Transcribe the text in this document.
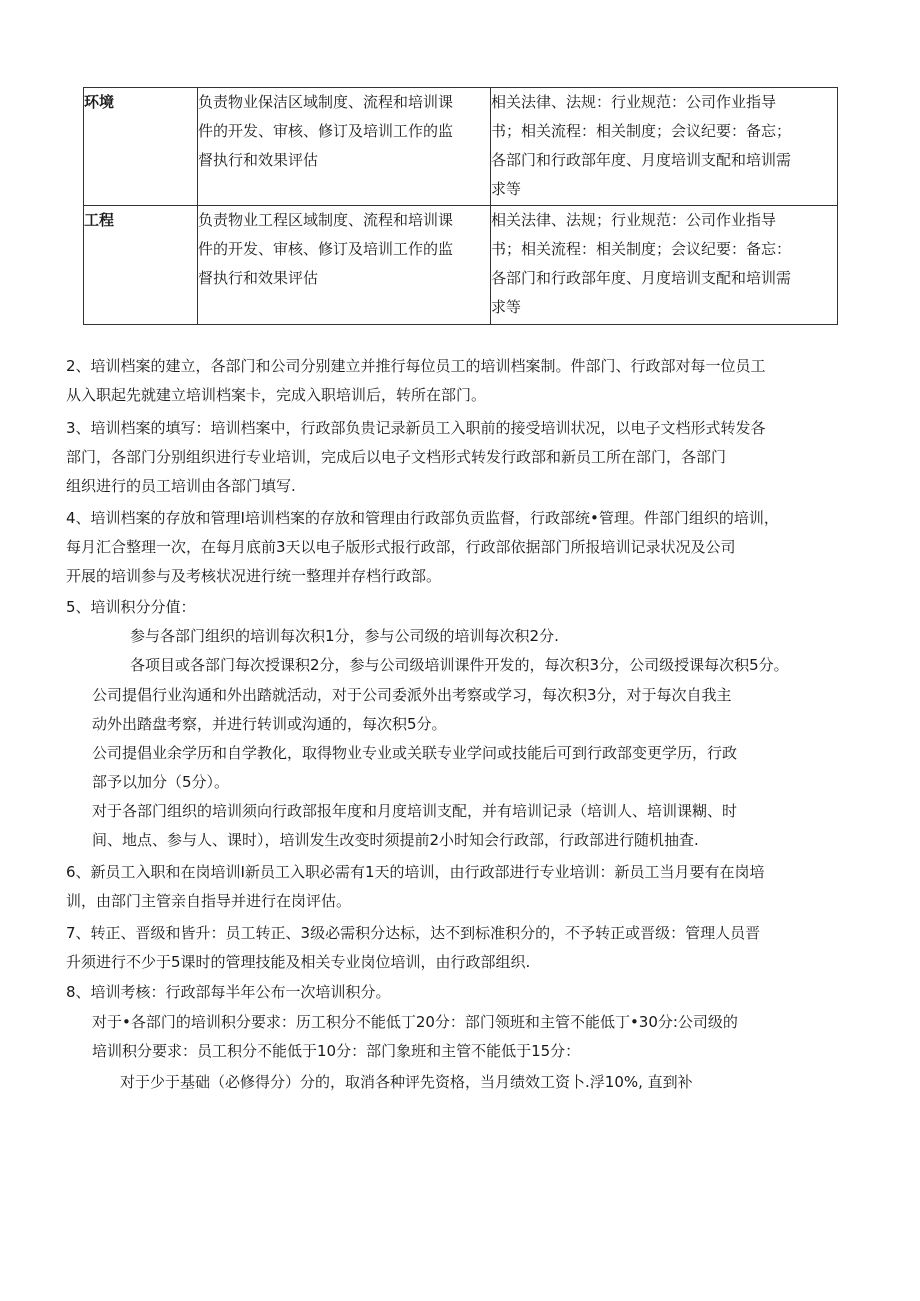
环境	负责物业保洁区域制度、流程和培训课
件的开发、审核、修订及培训工作的监
督执行和效果评估	相关法律、法规：行业规范：公司作业指导
书；相关流程：相关制度；会议纪要：备忘；
各部门和行政部年度、月度培训支配和培训需
求等
工程	负责物业工程区域制度、流程和培训课
件的开发、审核、修订及培训工作的监
督执行和效果评估	相关法律、法规；行业规范：公司作业指导
书；相关流程：相关制度；会议纪要：备忘：
各部门和行政部年度、月度培训支配和培训需
求等
2、培训档案的建立，各部门和公司分别建立并推行每位员工的培训档案制。件部门、行政部对每一位员工
从入职起先就建立培训档案卡，完成入职培训后，转所在部门。
3、培训档案的填写：培训档案中，行政部负贵记录新员工入职前的接受培训状况，以电子文档形式转发各
部门，各部门分别组织进行专业培训，完成后以电子文档形式转发行政部和新员工所在部门，各部门
组织进行的员工培训由各部门填写.
4、培训档案的存放和管理I培训档案的存放和管理由行政部负贡监督，行政部统•管理。件部门组织的培训，
每月汇合整理一次，在每月底前3天以电子版形式报行政部，行政部依据部门所报培训记录状况及公司
开展的培训参与及考核状况进行统一整理并存档行政部。
5、培训积分分值：
参与各部门组织的培训每次积1分，参与公司级的培训每次积2分.
各项目或各部门每次授课积2分，参与公司级培训课件开发的，每次积3分，公司级授课每次积5分。
公司提倡行业沟通和外出踏就活动，对于公司委派外出考察或学习，每次积3分，对于每次自我主
动外出踏盘考察，并进行转训或沟通的，每次积5分。
公司提倡业余学历和自学教化，取得物业专业或关联专业学问或技能后可到行政部变更学历，行政
部予以加分（5分）。
对于各部门组织的培训须向行政部报年度和月度培训支配，并有培训记录（培训人、培训课糊、时
间、地点、参与人、课时），培训发生改变时须提前2小时知会行政部，行政部进行随机抽査.
6、新员工入职和在岗培训I新员工入职必需有1天的培训，由行政部进行专业培训：新员工当月要有在岗培
训，由部门主管亲自指导并进行在岗评估。
7、转正、晋级和皆升：员工转正、3级必需积分达标，达不到标准积分的，不予转正或晋级：管理人员晋
升须进行不少于5课时的管理技能及相关专业岗位培训，由行政部组织.
8、培训考核：行政部每半年公布一次培训积分。
对于•各部门的培训积分要求：历工积分不能低丁20分：部门领班和主管不能低丁•30分:公司级的
培训积分要求：员工积分不能低于10分：部门象班和主管不能低于15分：
对于少于基础（必修得分）分的，取消各种评先资格，当月绩效工资卜.浮10%, 直到补
